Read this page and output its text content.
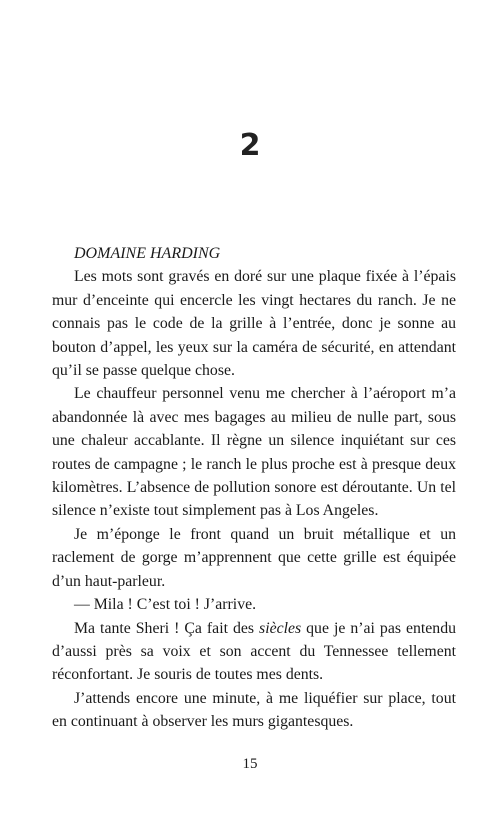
2

DOMAINE HARDING

Les mots sont gravés en doré sur une plaque fixée à l’épais mur d’enceinte qui encercle les vingt hectares du ranch. Je ne connais pas le code de la grille à l’entrée, donc je sonne au bouton d’appel, les yeux sur la caméra de sécurité, en attendant qu’il se passe quelque chose.

Le chauffeur personnel venu me chercher à l’aéroport m’a abandonnée là avec mes bagages au milieu de nulle part, sous une chaleur accablante. Il règne un silence inquiétant sur ces routes de campagne ; le ranch le plus proche est à presque deux kilomètres. L’absence de pollution sonore est déroutante. Un tel silence n’existe tout simplement pas à Los Angeles.

Je m’éponge le front quand un bruit métallique et un raclement de gorge m’apprennent que cette grille est équipée d’un haut-parleur.

— Mila ! C’est toi ! J’arrive.

Ma tante Sheri ! Ça fait des siècles que je n’ai pas entendu d’aussi près sa voix et son accent du Tennessee tellement réconfortant. Je souris de toutes mes dents.

J’attends encore une minute, à me liquéfier sur place, tout en continuant à observer les murs gigantesques.

15
